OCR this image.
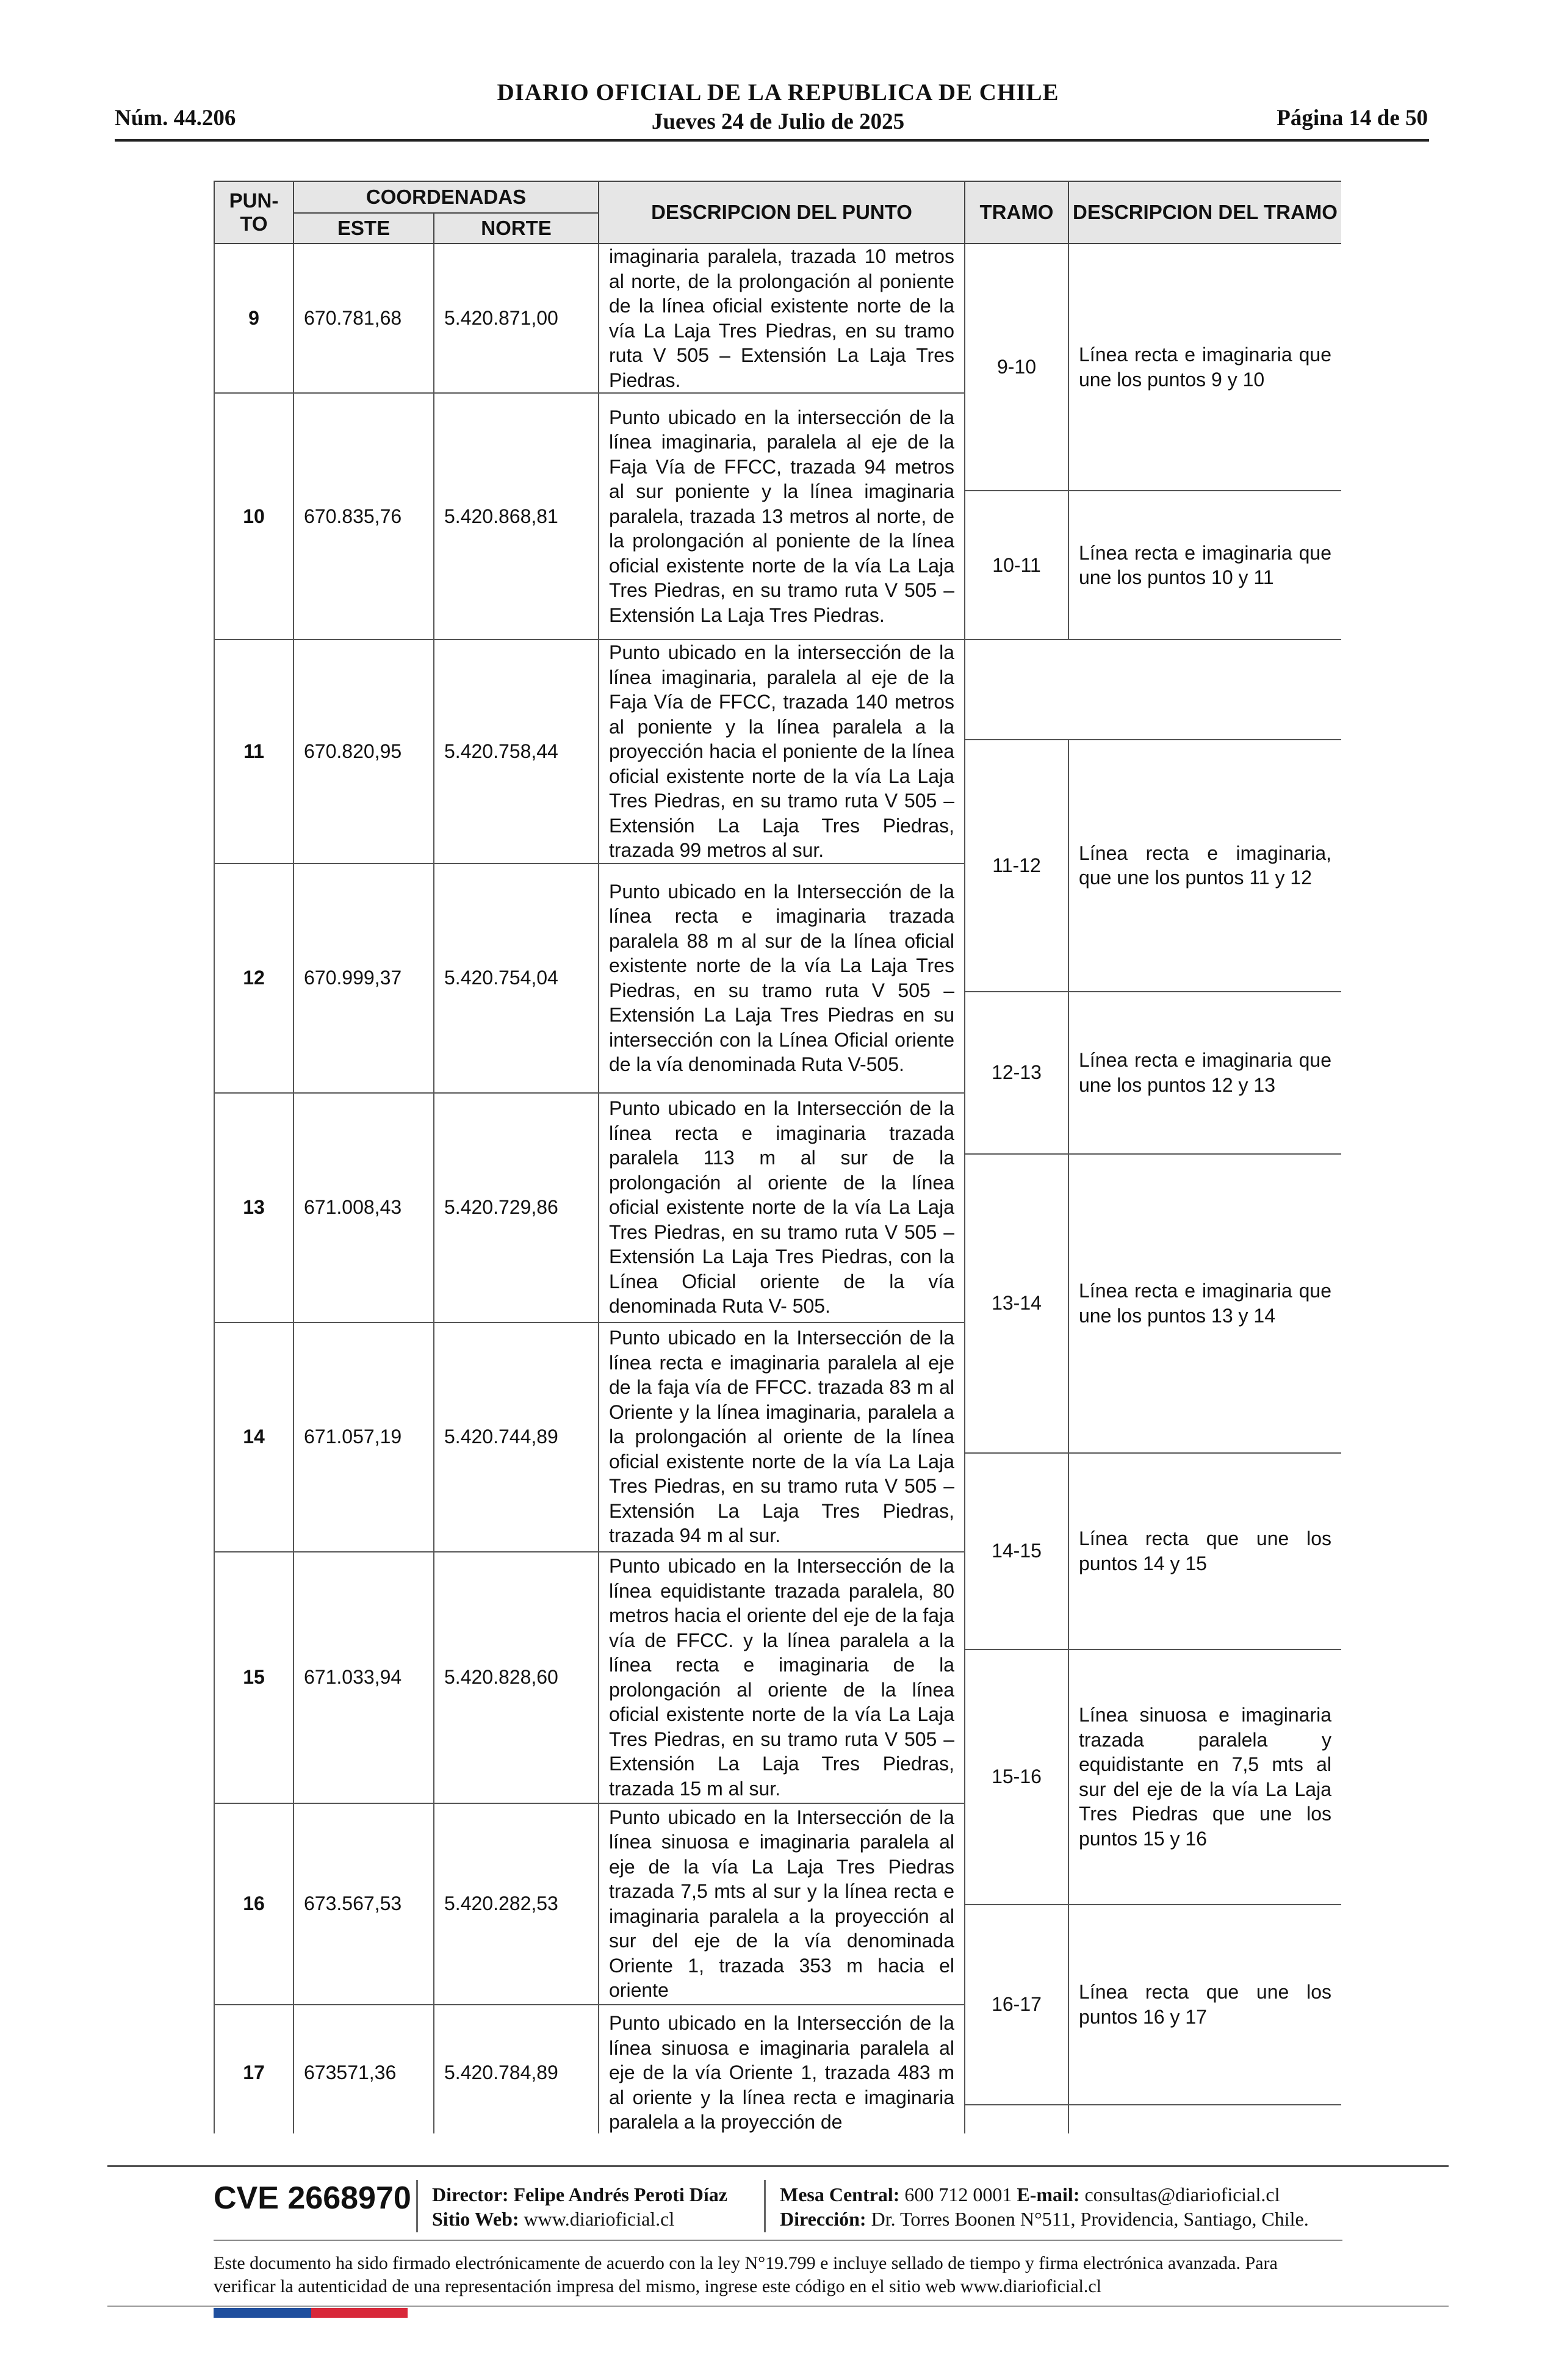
DIARIO OFICIAL DE LA REPUBLICA DE CHILE
Jueves 24 de Julio de 2025
Núm. 44.206	Página 14 de 50
PUN- TO	COORDENADAS		DESCRIPCION DEL PUNTO	TRAMO	DESCRIPCION DEL TRAMO
	ESTE	NORTE			
9	670.781,68	5.420.871,00	imaginaria paralela, trazada 10 metros al norte, de la prolongación al poniente de la línea oficial existente norte de la vía La Laja Tres Piedras, en su tramo ruta V 505 – Extensión La Laja Tres Piedras.	9-10	Línea recta e imaginaria que une los puntos 9 y 10

10	670.835,76	5.420.868,81	Punto ubicado en la intersección de la línea imaginaria, paralela al eje de la Faja Vía de FFCC, trazada 94 metros al sur poniente y la línea imaginaria paralela, trazada 13 metros al norte, de la prolongación al poniente de la línea oficial existente norte de la vía La Laja Tres Piedras, en su tramo ruta V 505 – Extensión La Laja Tres Piedras.		
				10-11	Línea recta e imaginaria que une los puntos 10 y 11

11	670.820,95	5.420.758,44	Punto ubicado en la intersección de la línea imaginaria, paralela al eje de la Faja Vía de FFCC, trazada 140 metros al poniente y la línea paralela a la proyección hacia el poniente de la línea oficial existente norte de la vía La Laja Tres Piedras, en su tramo ruta V 505 – Extensión La Laja Tres Piedras, trazada 99 metros al sur.		
				11-12	Línea recta e imaginaria, que une los puntos 11 y 12
12	670.999,37	5.420.754,04	Punto ubicado en la Intersección de la línea recta e imaginaria trazada paralela 88 m al sur de la línea oficial existente norte de la vía La Laja Tres Piedras, en su tramo ruta V 505 – Extensión La Laja Tres Piedras en su intersección con la Línea Oficial oriente de la vía denominada Ruta V-505.		
				12-13	Línea recta e imaginaria que une los puntos 12 y 13
13	671.008,43	5.420.729,86	Punto ubicado en la Intersección de la línea recta e imaginaria trazada paralela 113 m al sur de la prolongación al oriente de la línea oficial existente norte de la vía La Laja Tres Piedras, en su tramo ruta V 505 – Extensión La Laja Tres Piedras, con la Línea Oficial oriente de la vía denominada Ruta V- 505.		
				13-14	Línea recta e imaginaria que une los puntos 13 y 14
14	671.057,19	5.420.744,89	Punto ubicado en la Intersección de la línea recta e imaginaria paralela al eje de la faja vía de FFCC. trazada 83 m al Oriente y la línea imaginaria, paralela a la prolongación al oriente de la línea oficial existente norte de la vía La Laja Tres Piedras, en su tramo ruta V 505 – Extensión La Laja Tres Piedras, trazada 94 m al sur.		
				14-15	Línea recta que une los puntos 14 y 15
15	671.033,94	5.420.828,60	Punto ubicado en la Intersección de la línea equidistante trazada paralela, 80 metros hacia el oriente del eje de la faja vía de FFCC. y la línea paralela a la línea recta e imaginaria de la prolongación al oriente de la línea oficial existente norte de la vía La Laja Tres Piedras, en su tramo ruta V 505 – Extensión La Laja Tres Piedras, trazada 15 m al sur.		
				15-16	Línea sinuosa e imaginaria trazada paralela y equidistante en 7,5 mts al sur del eje de la vía La Laja Tres Piedras que une los puntos 15 y 16
16	673.567,53	5.420.282,53	Punto ubicado en la Intersección de la línea sinuosa e imaginaria paralela al eje de la vía La Laja Tres Piedras trazada 7,5 mts al sur y la línea recta e imaginaria paralela a la proyección al sur del eje de la vía denominada Oriente 1, trazada 353 m hacia el oriente		
				16-17	Línea recta que une los puntos 16 y 17
17	673571,36	5.420.784,89	Punto ubicado en la Intersección de la línea sinuosa e imaginaria paralela al eje de la vía Oriente 1, trazada 483 m al oriente y la línea recta e imaginaria paralela a la proyección de		

CVE 2668970 Director: Felipe Andrés Peroti Díaz
Sitio Web: www.diarioficial.cl
Mesa Central: 600 712 0001 E-mail: consultas@diarioficial.cl
Dirección: Dr. Torres Boonen N°511, Providencia, Santiago, Chile.
Este documento ha sido firmado electrónicamente de acuerdo con la ley N°19.799 e incluye sellado de tiempo y firma electrónica avanzada. Para verificar la autenticidad de una representación impresa del mismo, ingrese este código en el sitio web www.diarioficial.cl
